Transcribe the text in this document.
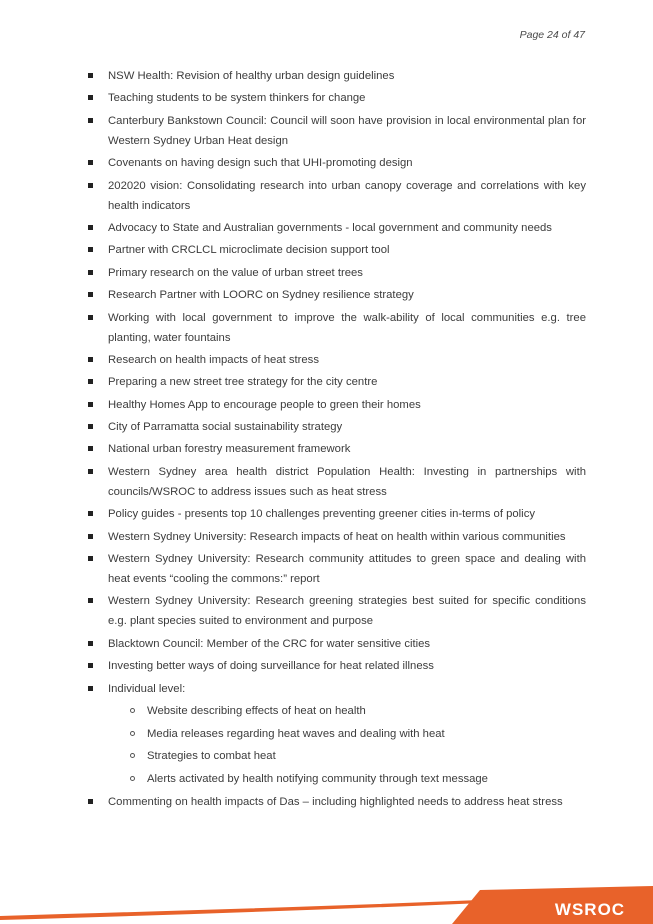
Page 24 of 47
NSW Health: Revision of healthy urban design guidelines
Teaching students to be system thinkers for change
Canterbury Bankstown Council: Council will soon have provision in local environmental plan for Western Sydney Urban Heat design
Covenants on having design such that UHI-promoting design
202020 vision: Consolidating research into urban canopy coverage and correlations with key health indicators
Advocacy to State and Australian governments - local government and community needs
Partner with CRCLCL microclimate decision support tool
Primary research on the value of urban street trees
Research Partner with LOORC on Sydney resilience strategy
Working with local government to improve the walk-ability of local communities e.g. tree planting, water fountains
Research on health impacts of heat stress
Preparing a new street tree strategy for the city centre
Healthy Homes App to encourage people to green their homes
City of Parramatta social sustainability strategy
National urban forestry measurement framework
Western Sydney area health district Population Health: Investing in partnerships with councils/WSROC to address issues such as heat stress
Policy guides - presents top 10 challenges preventing greener cities in-terms of policy
Western Sydney University: Research impacts of heat on health within various communities
Western Sydney University: Research community attitudes to green space and dealing with heat events “cooling the commons:” report
Western Sydney University: Research greening strategies best suited for specific conditions e.g. plant species suited to environment and purpose
Blacktown Council: Member of the CRC for water sensitive cities
Investing better ways of doing surveillance for heat related illness
Individual level:
Website describing effects of heat on health
Media releases regarding heat waves and dealing with heat
Strategies to combat heat
Alerts activated by health notifying community through text message
Commenting on health impacts of Das – including highlighted needs to address heat stress
WSROC
